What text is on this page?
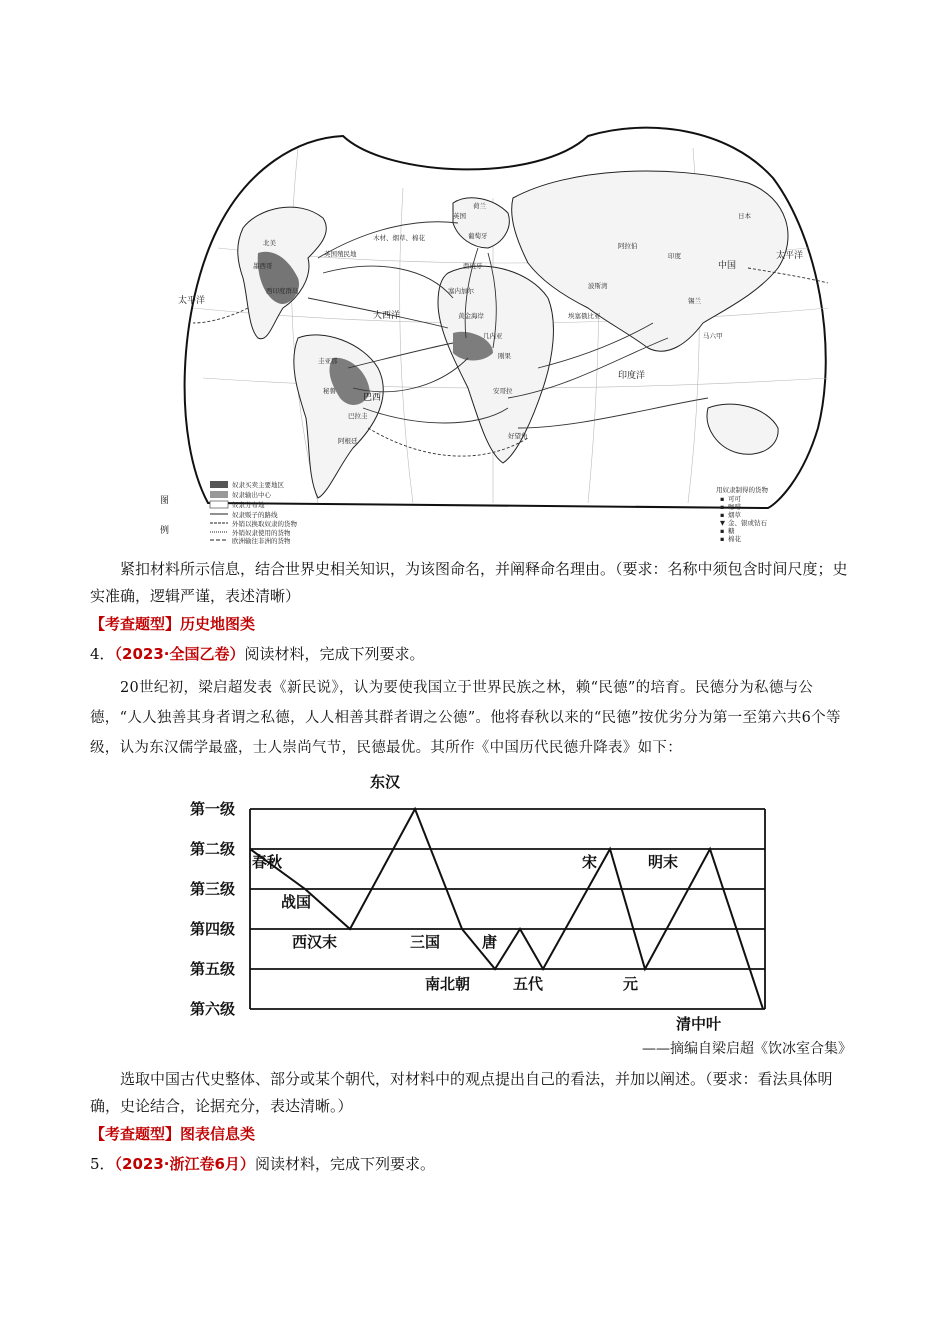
北美
英国殖民地
木材、烟草、棉花
英国
荷兰
葡萄牙
西班牙
塞内加尔
黄金海岸
几内亚
刚果
安哥拉
好望角
埃塞俄比亚
波斯湾
阿拉伯
印度
锡兰
墨西哥
西印度群岛
圭亚那
秘鲁
巴拉圭
阿根廷
日本
马六甲
太平洋
太平洋
大西洋
印度洋
中国
巴西
图
例
奴隶买卖主要地区
奴隶输出中心
奴隶分布地
奴隶贩子的路线
外销以换取奴隶的货物
外销奴隶使用的货物
欧洲输往非洲的货物
用奴隶制得的货物
▪ 可可
▪ 咖啡
▪ 烟草
▼ 金、银或钻石
▪ 糖
▪ 棉花
紧扣材料所示信息，结合世界史相关知识，为该图命名，并阐释命名理由。（要求：名称中须包含时间尺度；史实准确，逻辑严谨，表述清晰）
【考查题型】历史地图类
4．（2023·全国乙卷）阅读材料，完成下列要求。
20世纪初，梁启超发表《新民说》，认为要使我国立于世界民族之林，赖“民德”的培育。民德分为私德与公德，“人人独善其身者谓之私德，人人相善其群者谓之公德”。他将春秋以来的“民德”按优劣分为第一至第六共6个等级，认为东汉儒学最盛，士人崇尚气节，民德最优。其所作《中国历代民德升降表》如下：
第一级
第二级
第三级
第四级
第五级
第六级
春秋
战国
西汉末
东汉
三国
南北朝
唐
五代
宋
元
明末
清中叶
——摘编自梁启超《饮冰室合集》
选取中国古代史整体、部分或某个朝代，对材料中的观点提出自己的看法，并加以阐述。（要求：看法具体明确，史论结合，论据充分，表达清晰。）
【考查题型】图表信息类
5．（2023·浙江卷6月）阅读材料，完成下列要求。
